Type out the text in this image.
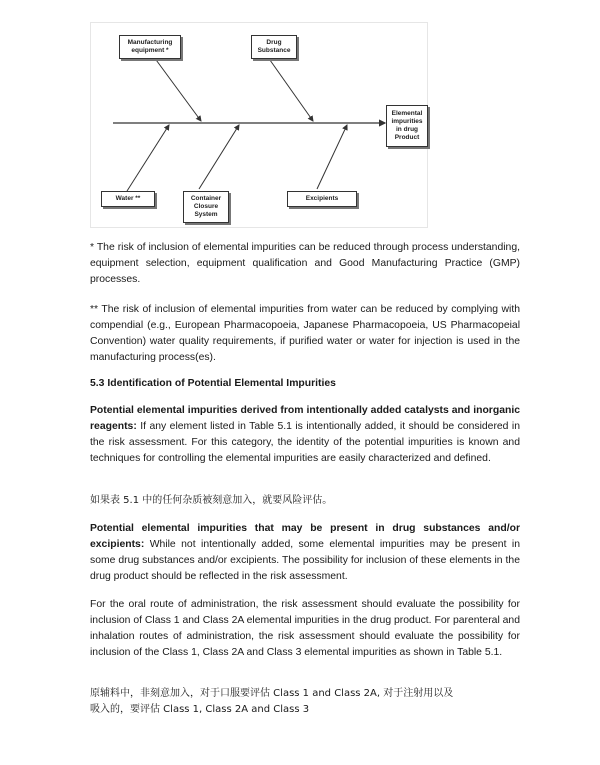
Manufacturing
equipment *
Drug
Substance
Elemental
impurities
in drug
Product
Water **	Container
Closure
System
Excipients

* The risk of inclusion of elemental impurities can be reduced through process understanding, equipment selection, equipment qualification and Good Manufacturing Practice (GMP) processes.

** The risk of inclusion of elemental impurities from water can be reduced by complying with compendial (e.g., European Pharmacopoeia, Japanese Pharmacopoeia, US Pharmacopeial Convention) water quality requirements, if purified water or water for injection is used in the manufacturing process(es).

5.3 Identification of Potential Elemental Impurities

Potential elemental impurities derived from intentionally added catalysts and inorganic reagents: If any element listed in Table 5.1 is intentionally added, it should be considered in the risk assessment. For this category, the identity of the potential impurities is known and techniques for controlling the elemental impurities are easily characterized and defined.

如果表 5.1 中的任何杂质被刻意加入，就要风险评估。

Potential elemental impurities that may be present in drug substances and/or excipients: While not intentionally added, some elemental impurities may be present in some drug substances and/or excipients. The possibility for inclusion of these elements in the drug product should be reflected in the risk assessment.

For the oral route of administration, the risk assessment should evaluate the possibility for inclusion of Class 1 and Class 2A elemental impurities in the drug product. For parenteral and inhalation routes of administration, the risk assessment should evaluate the possibility for inclusion of the Class 1, Class 2A and Class 3 elemental impurities as shown in Table 5.1.

原辅料中，非刻意加入，对于口服要评估 Class 1 and Class 2A, 对于注射用以及

吸入的，要评估 Class 1, Class 2A and Class 3
